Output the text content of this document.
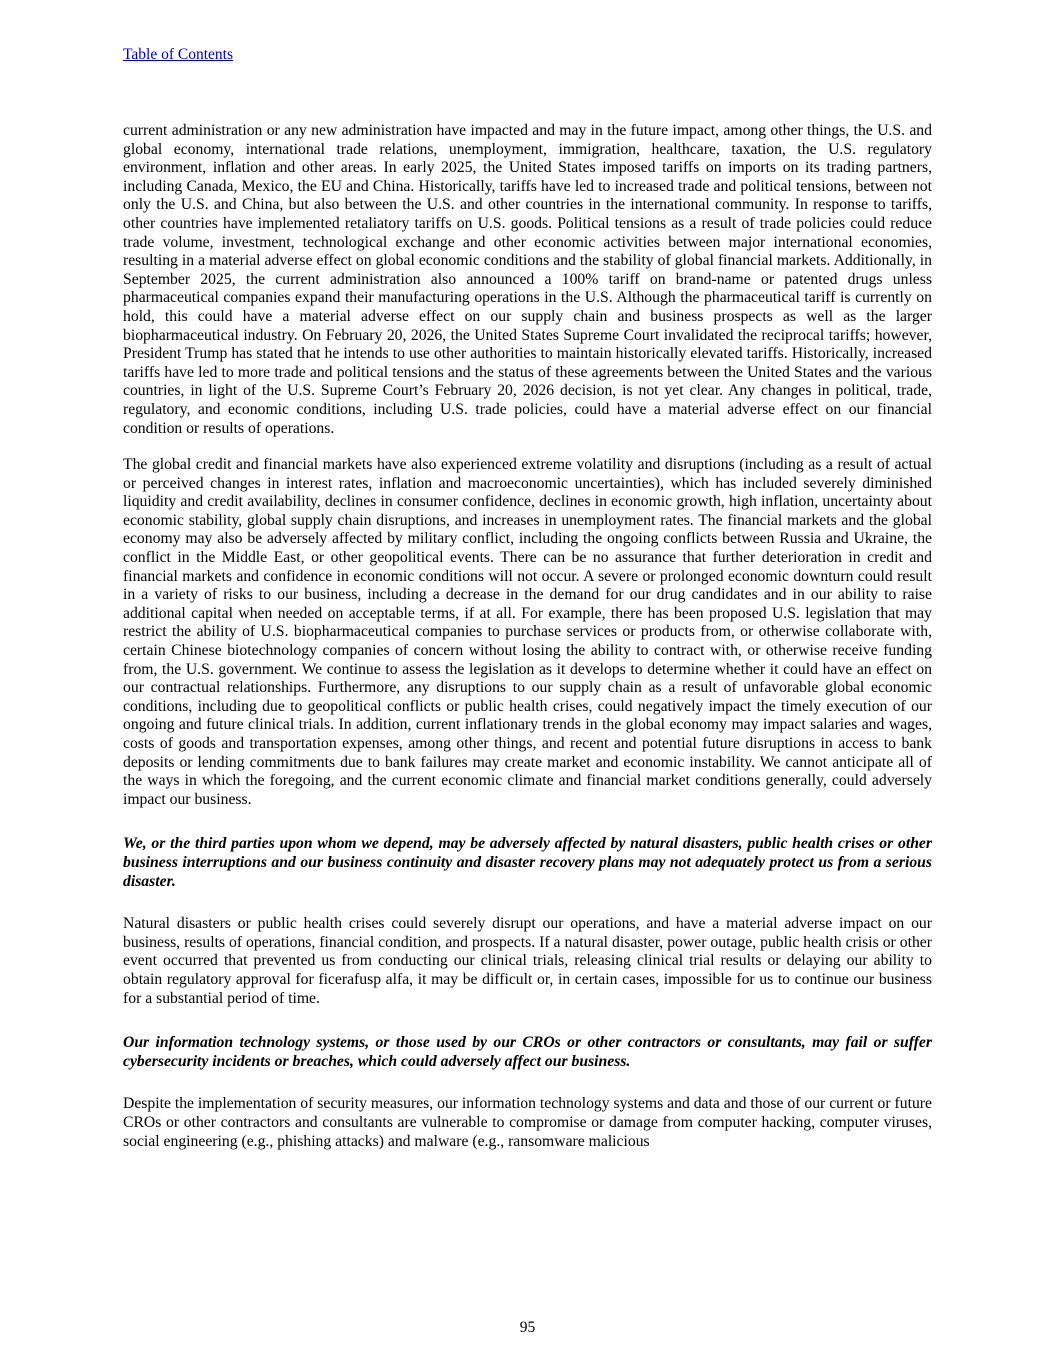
Table of Contents

current administration or any new administration have impacted and may in the future impact, among other things, the U.S. and global economy, international trade relations, unemployment, immigration, healthcare, taxation, the U.S. regulatory environment, inflation and other areas. In early 2025, the United States imposed tariffs on imports on its trading partners, including Canada, Mexico, the EU and China. Historically, tariffs have led to increased trade and political tensions, between not only the U.S. and China, but also between the U.S. and other countries in the international community. In response to tariffs, other countries have implemented retaliatory tariffs on U.S. goods. Political tensions as a result of trade policies could reduce trade volume, investment, technological exchange and other economic activities between major international economies, resulting in a material adverse effect on global economic conditions and the stability of global financial markets. Additionally, in September 2025, the current administration also announced a 100% tariff on brand-name or patented drugs unless pharmaceutical companies expand their manufacturing operations in the U.S. Although the pharmaceutical tariff is currently on hold, this could have a material adverse effect on our supply chain and business prospects as well as the larger biopharmaceutical industry. On February 20, 2026, the United States Supreme Court invalidated the reciprocal tariffs; however, President Trump has stated that he intends to use other authorities to maintain historically elevated tariffs. Historically, increased tariffs have led to more trade and political tensions and the status of these agreements between the United States and the various countries, in light of the U.S. Supreme Court’s February 20, 2026 decision, is not yet clear. Any changes in political, trade, regulatory, and economic conditions, including U.S. trade policies, could have a material adverse effect on our financial condition or results of operations.

The global credit and financial markets have also experienced extreme volatility and disruptions (including as a result of actual or perceived changes in interest rates, inflation and macroeconomic uncertainties), which has included severely diminished liquidity and credit availability, declines in consumer confidence, declines in economic growth, high inflation, uncertainty about economic stability, global supply chain disruptions, and increases in unemployment rates. The financial markets and the global economy may also be adversely affected by military conflict, including the ongoing conflicts between Russia and Ukraine, the conflict in the Middle East, or other geopolitical events. There can be no assurance that further deterioration in credit and financial markets and confidence in economic conditions will not occur. A severe or prolonged economic downturn could result in a variety of risks to our business, including a decrease in the demand for our drug candidates and in our ability to raise additional capital when needed on acceptable terms, if at all. For example, there has been proposed U.S. legislation that may restrict the ability of U.S. biopharmaceutical companies to purchase services or products from, or otherwise collaborate with, certain Chinese biotechnology companies of concern without losing the ability to contract with, or otherwise receive funding from, the U.S. government. We continue to assess the legislation as it develops to determine whether it could have an effect on our contractual relationships. Furthermore, any disruptions to our supply chain as a result of unfavorable global economic conditions, including due to geopolitical conflicts or public health crises, could negatively impact the timely execution of our ongoing and future clinical trials. In addition, current inflationary trends in the global economy may impact salaries and wages, costs of goods and transportation expenses, among other things, and recent and potential future disruptions in access to bank deposits or lending commitments due to bank failures may create market and economic instability. We cannot anticipate all of the ways in which the foregoing, and the current economic climate and financial market conditions generally, could adversely impact our business.

We, or the third parties upon whom we depend, may be adversely affected by natural disasters, public health crises or other business interruptions and our business continuity and disaster recovery plans may not adequately protect us from a serious disaster.

Natural disasters or public health crises could severely disrupt our operations, and have a material adverse impact on our business, results of operations, financial condition, and prospects. If a natural disaster, power outage, public health crisis or other event occurred that prevented us from conducting our clinical trials, releasing clinical trial results or delaying our ability to obtain regulatory approval for ficerafusp alfa, it may be difficult or, in certain cases, impossible for us to continue our business for a substantial period of time.

Our information technology systems, or those used by our CROs or other contractors or consultants, may fail or suffer cybersecurity incidents or breaches, which could adversely affect our business.

Despite the implementation of security measures, our information technology systems and data and those of our current or future CROs or other contractors and consultants are vulnerable to compromise or damage from computer hacking, computer viruses, social engineering (e.g., phishing attacks) and malware (e.g., ransomware malicious

95
